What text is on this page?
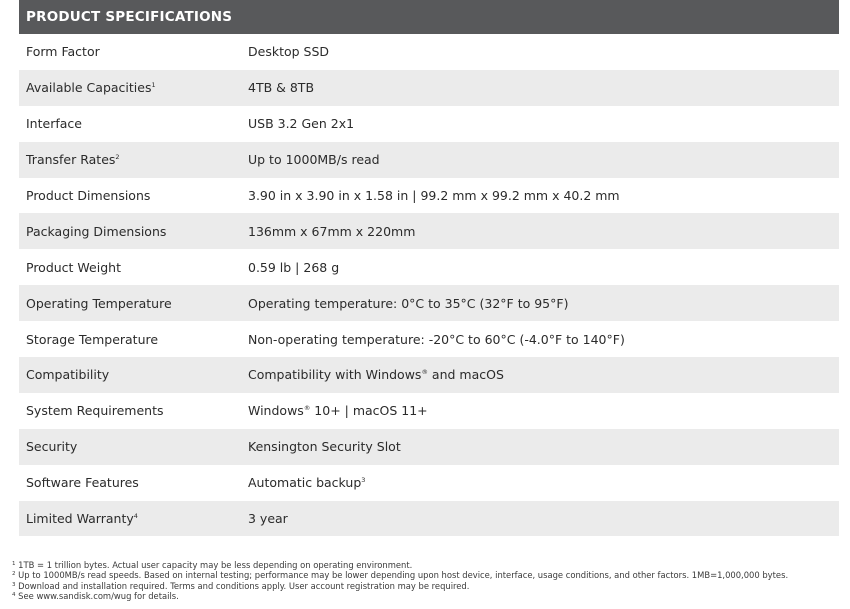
PRODUCT SPECIFICATIONS
Form Factor	Desktop SSD
Available Capacities$^1$	4TB & 8TB
Interface	USB 3.2 Gen 2x1
Transfer Rates$^2$	Up to 1000MB/s read
Product Dimensions	3.90 in x 3.90 in x 1.58 in | 99.2 mm x 99.2 mm x 40.2 mm
Packaging Dimensions	136mm x 67mm x 220mm
Product Weight	0.59 lb | 268 g
Operating Temperature	Operating temperature: 0°C to 35°C (32°F to 95°F)
Storage Temperature	Non-operating temperature: -20°C to 60°C (-4.0°F to 140°F)
Compatibility	Compatibility with Windows® and macOS
System Requirements	Windows® 10+ | macOS 11+
Security	Kensington Security Slot
Software Features	Automatic backup$^3$
Limited Warranty$^4$	3 year
$^1$ 1TB = 1 trillion bytes. Actual user capacity may be less depending on operating environment.
$^2$ Up to 1000MB/s read speeds. Based on internal testing; performance may be lower depending upon host device, interface, usage conditions, and other factors. 1MB=1,000,000 bytes.
$^3$ Download and installation required. Terms and conditions apply. User account registration may be required.
$^4$ See www.sandisk.com/wug for details.
